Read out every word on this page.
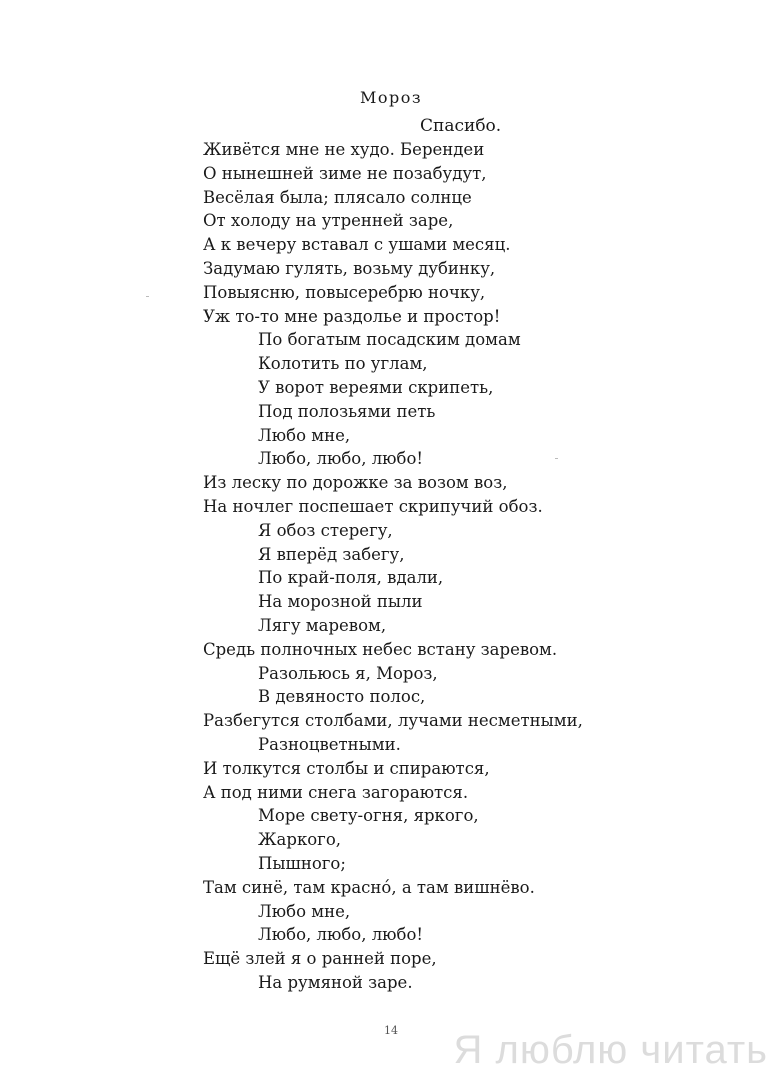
Мороз
Спасибо.
Живётся мне не худо. Берендеи
О нынешней зиме не позабудут,
Весёлая была; плясало солнце
От холоду на утренней заре,
А к вечеру вставал с ушами месяц.
Задумаю гулять, возьму дубинку,
Повыясню, повысеребрю ночку,
Уж то-то мне раздолье и простор!
По богатым посадским домам
Колотить по углам,
У ворот вереями скрипеть,
Под полозьями петь
Любо мне,
Любо, любо, любо!
Из леску по дорожке за возом воз,
На ночлег поспешает скрипучий обоз.
Я обоз стерегу,
Я вперёд забегу,
По край-поля, вдали,
На морозной пыли
Лягу маревом,
Средь полночных небес встану заревом.
Разольюсь я, Мороз,
В девяносто полос,
Разбегутся столбами, лучами несметными,
Разноцветными.
И толкутся столбы и спираются,
А под ними снега загораются.
Море свету-огня, яркого,
Жаркого,
Пышного;
Там синё, там краснó, а там вишнёво.
Любо мне,
Любо, любо, любо!
Ещё злей я о ранней поре,
На румяной заре.
14	Я люблю читать
